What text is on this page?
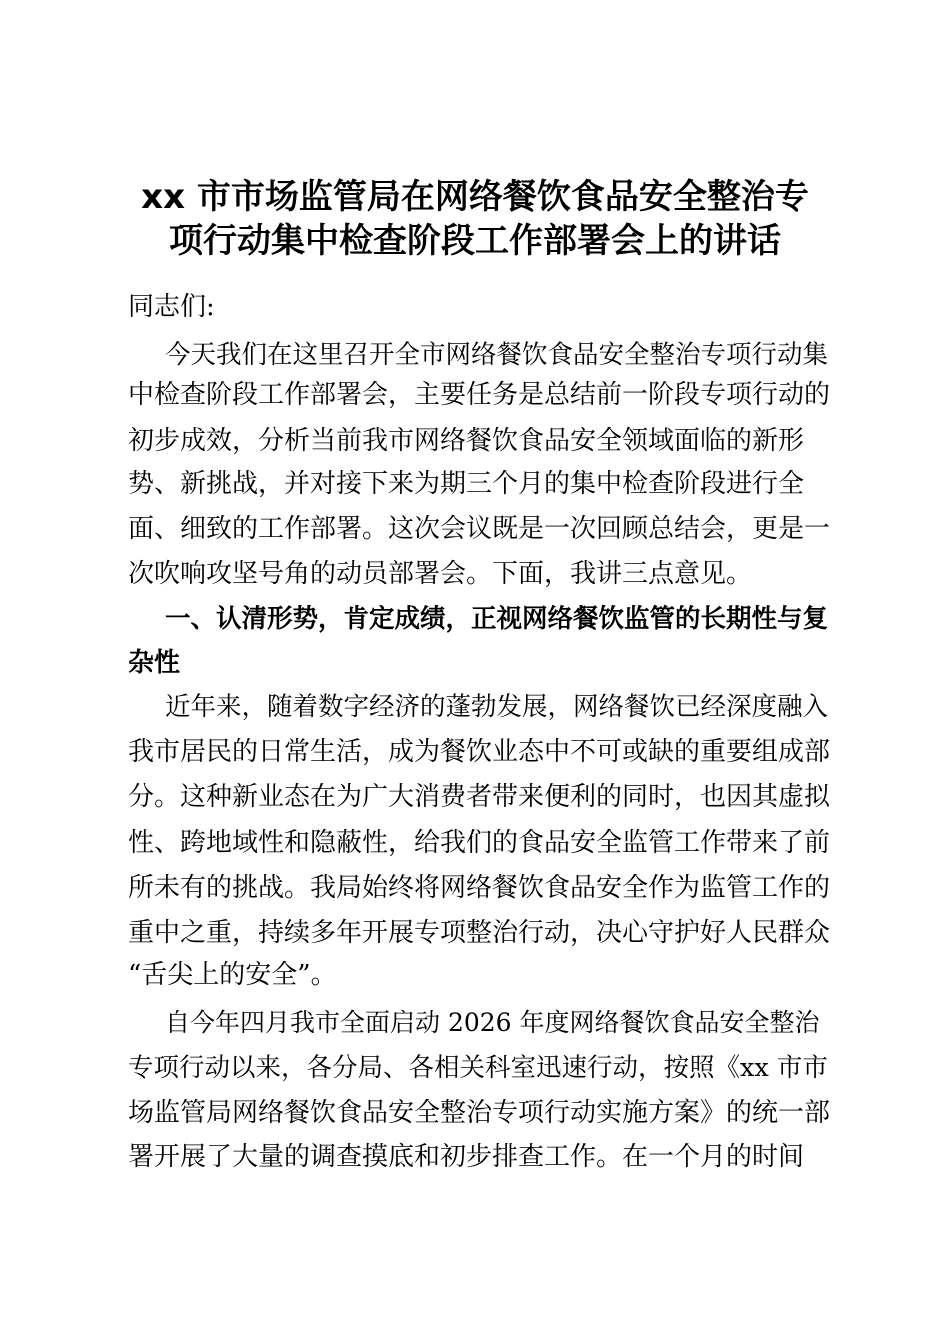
xx 市市场监管局在网络餐饮食品安全整治专
项行动集中检查阶段工作部署会上的讲话
同志们:
今天我们在这里召开全市网络餐饮食品安全整治专项行动集
中检查阶段工作部署会，主要任务是总结前一阶段专项行动的
初步成效，分析当前我市网络餐饮食品安全领域面临的新形
势、新挑战，并对接下来为期三个月的集中检查阶段进行全
面、细致的工作部署。这次会议既是一次回顾总结会，更是一
次吹响攻坚号角的动员部署会。下面，我讲三点意见。
一、认清形势，肯定成绩，正视网络餐饮监管的长期性与复
杂性
近年来，随着数字经济的蓬勃发展，网络餐饮已经深度融入
我市居民的日常生活，成为餐饮业态中不可或缺的重要组成部
分。这种新业态在为广大消费者带来便利的同时，也因其虚拟
性、跨地域性和隐蔽性，给我们的食品安全监管工作带来了前
所未有的挑战。我局始终将网络餐饮食品安全作为监管工作的
重中之重，持续多年开展专项整治行动，决心守护好人民群众
“舌尖上的安全”。
自今年四月我市全面启动 2026 年度网络餐饮食品安全整治
专项行动以来，各分局、各相关科室迅速行动，按照《xx 市市
场监管局网络餐饮食品安全整治专项行动实施方案》的统一部
署开展了大量的调查摸底和初步排查工作。在一个月的时间
